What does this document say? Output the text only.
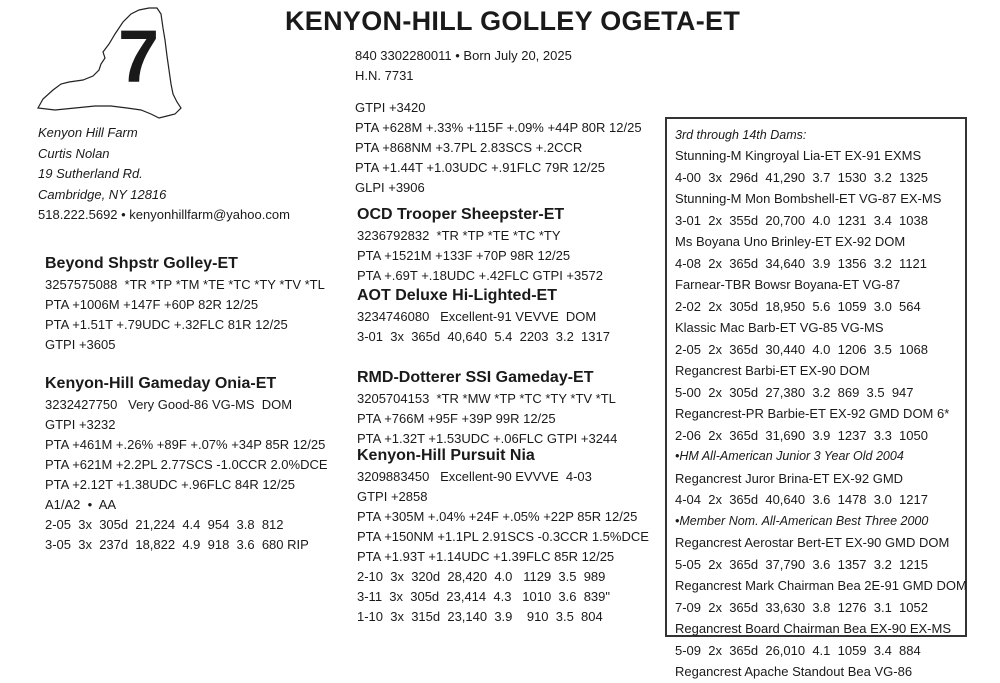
KENYON-HILL GOLLEY OGETA-ET
7	840 3302280011 • Born July 20, 2025
H.N. 7731
GTPI +3420
PTA +628M +.33% +115F +.09% +44P 80R 12/25
PTA +868NM +3.7PL 2.83SCS +.2CCR
PTA +1.44T +1.03UDC +.91FLC 79R 12/25
GLPI +3906
Kenyon Hill Farm
Curtis Nolan
19 Sutherland Rd.
Cambridge, NY 12816
518.222.5692 • kenyonhillfarm@yahoo.com
Beyond Shpstr Golley-ET
3257575088  *TR *TP *TM *TE *TC *TY *TV *TL
PTA +1006M +147F +60P 82R 12/25
PTA +1.51T +.79UDC +.32FLC 81R 12/25
GTPI +3605
Kenyon-Hill Gameday Onia-ET
3232427750   Very Good-86 VG-MS  DOM
GTPI +3232
PTA +461M +.26% +89F +.07% +34P 85R 12/25
PTA +621M +2.2PL 2.77SCS -1.0CCR 2.0%DCE
PTA +2.12T +1.38UDC +.96FLC 84R 12/25
A1/A2  •  AA
2-05  3x  305d  21,224  4.4  954  3.8  812
3-05  3x  237d  18,822  4.9  918  3.6  680 RIP
OCD Trooper Sheepster-ET
3236792832  *TR *TP *TE *TC *TY
PTA +1521M +133F +70P 98R 12/25
PTA +.69T +.18UDC +.42FLC GTPI +3572
AOT Deluxe Hi-Lighted-ET
3234746080   Excellent-91 VEVVE  DOM
3-01  3x  365d  40,640  5.4  2203  3.2  1317
RMD-Dotterer SSI Gameday-ET
3205704153  *TR *MW *TP *TC *TY *TV *TL
PTA +766M +95F +39P 99R 12/25
PTA +1.32T +1.53UDC +.06FLC GTPI +3244
Kenyon-Hill Pursuit Nia
3209883450   Excellent-90 EVVVE  4-03
GTPI +2858
PTA +305M +.04% +24F +.05% +22P 85R 12/25
PTA +150NM +1.1PL 2.91SCS -0.3CCR 1.5%DCE
PTA +1.93T +1.14UDC +1.39FLC 85R 12/25
2-10  3x  320d  28,420  4.0   1129  3.5  989
3-11  3x  305d  23,414  4.3   1010  3.6  839"
1-10  3x  315d  23,140  3.9    910  3.5  804
3rd through 14th Dams:
Stunning-M Kingroyal Lia-ET EX-91 EXMS
4-00  3x  296d  41,290  3.7  1530  3.2  1325
Stunning-M Mon Bombshell-ET VG-87 EX-MS
3-01  2x  355d  20,700  4.0  1231  3.4  1038
Ms Boyana Uno Brinley-ET EX-92 DOM
4-08  2x  365d  34,640  3.9  1356  3.2  1121
Farnear-TBR Bowsr Boyana-ET VG-87
2-02  2x  305d  18,950  5.6  1059  3.0  564
Klassic Mac Barb-ET VG-85 VG-MS
2-05  2x  365d  30,440  4.0  1206  3.5  1068
Regancrest Barbi-ET EX-90 DOM
5-00  2x  305d  27,380  3.2  869  3.5  947
Regancrest-PR Barbie-ET EX-92 GMD DOM 6*
2-06  2x  365d  31,690  3.9  1237  3.3  1050
•HM All-American Junior 3 Year Old 2004
Regancrest Juror Brina-ET EX-92 GMD
4-04  2x  365d  40,640  3.6  1478  3.0  1217
•Member Nom. All-American Best Three 2000
Regancrest Aerostar Bert-ET EX-90 GMD DOM
5-05  2x  365d  37,790  3.6  1357  3.2  1215
Regancrest Mark Chairman Bea 2E-91 GMD DOM
7-09  2x  365d  33,630  3.8  1276  3.1  1052
Regancrest Board Chairman Bea EX-90 EX-MS
5-09  2x  365d  26,010  4.1  1059  3.4  884
Regancrest Apache Standout Bea VG-86
